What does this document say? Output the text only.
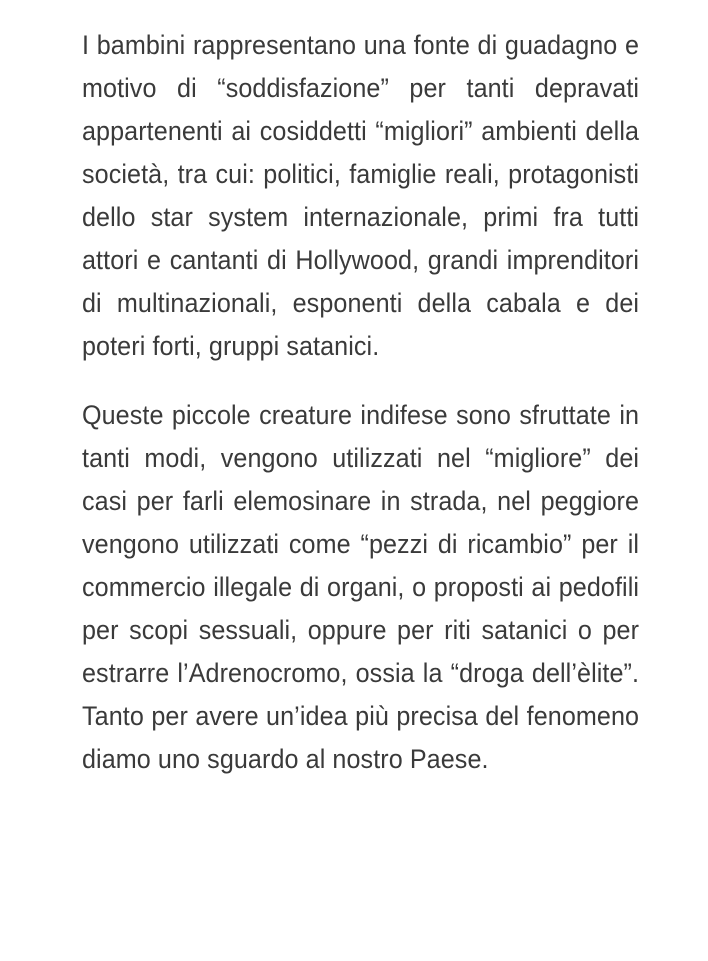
I bambini rappresentano una fonte di guadagno e motivo di “soddisfazione” per tanti depravati appartenenti ai cosiddetti “migliori” ambienti della società, tra cui: politici, famiglie reali, protagonisti dello star system internazionale, primi fra tutti attori e cantanti di Hollywood, grandi imprenditori di multinazionali, esponenti della cabala e dei poteri forti, gruppi satanici.

Queste piccole creature indifese sono sfruttate in tanti modi, vengono utilizzati nel “migliore” dei casi per farli elemosinare in strada, nel peggiore vengono utilizzati come “pezzi di ricambio” per il commercio illegale di organi, o proposti ai pedofili per scopi sessuali, oppure per riti satanici o per estrarre l’Adrenocromo, ossia la “droga dell’èlite”. Tanto per avere un’idea più precisa del fenomeno diamo uno sguardo al nostro Paese.
